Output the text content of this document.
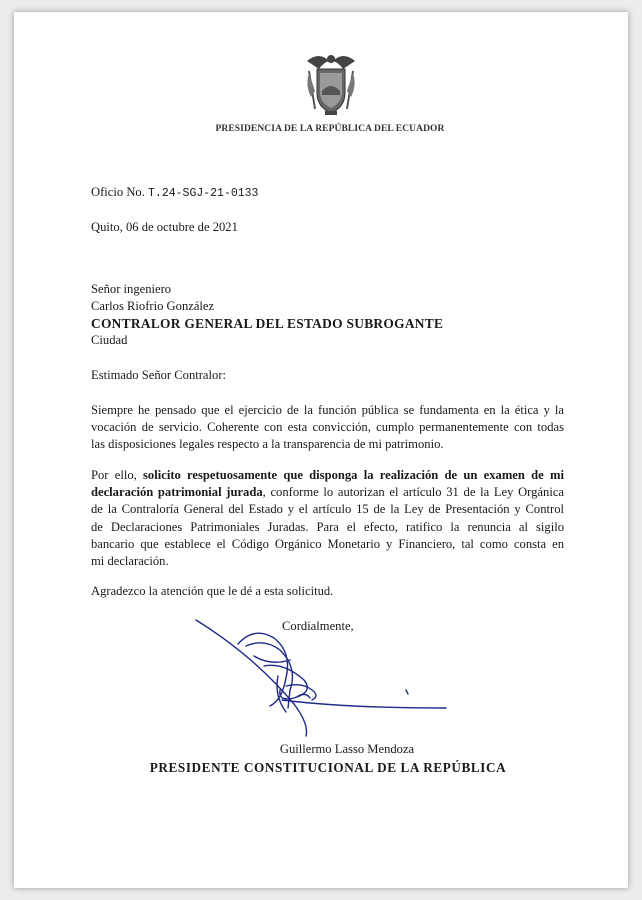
PRESIDENCIA DE LA REPÚBLICA DEL ECUADOR
Oficio No. T.24-SGJ-21-0133
Quito, 06 de octubre de 2021
Señor ingeniero
Carlos Riofrio González
CONTRALOR GENERAL DEL ESTADO SUBROGANTE
Ciudad
Estimado Señor Contralor:
Siempre he pensado que el ejercicio de la función pública se fundamenta en la ética y la
vocación de servicio. Coherente con esta convicción, cumplo permanentemente con todas
las disposiciones legales respecto a la transparencia de mi patrimonio.
Por ello, solicito respetuosamente que disponga la realización de un examen de mi
declaración patrimonial jurada, conforme lo autorizan el artículo 31 de la Ley Orgánica
de la Contraloría General del Estado y el artículo 15 de la Ley de Presentación y Control
de Declaraciones Patrimoniales Juradas. Para el efecto, ratifico la renuncia al sigilo
bancario que establece el Código Orgánico Monetario y Financiero, tal como consta en
mi declaración.
Agradezco la atención que le dé a esta solicitud.
Cordialmente,
Guillermo Lasso Mendoza
PRESIDENTE CONSTITUCIONAL DE LA REPÚBLICA
